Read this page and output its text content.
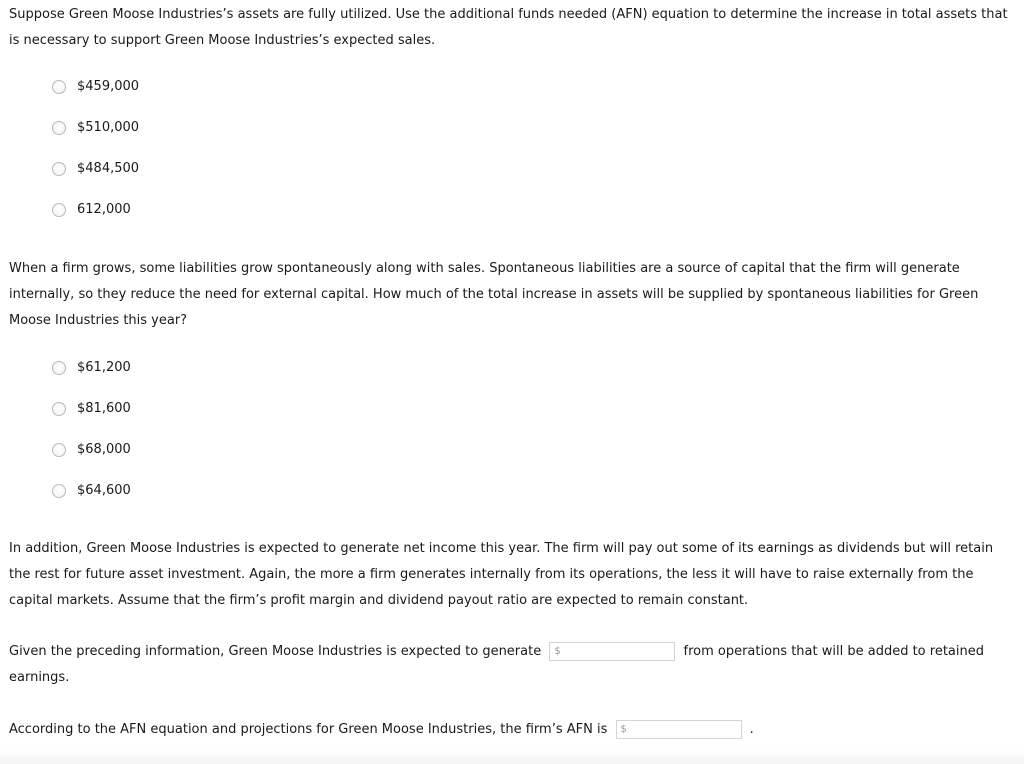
Suppose Green Moose Industries’s assets are fully utilized. Use the additional funds needed (AFN) equation to determine the increase in total assets that is necessary to support Green Moose Industries’s expected sales.

$459,000
$510,000
$484,500
612,000

When a firm grows, some liabilities grow spontaneously along with sales. Spontaneous liabilities are a source of capital that the firm will generate internally, so they reduce the need for external capital. How much of the total increase in assets will be supplied by spontaneous liabilities for Green Moose Industries this year?

$61,200
$81,600
$68,000
$64,600

In addition, Green Moose Industries is expected to generate net income this year. The firm will pay out some of its earnings as dividends but will retain the rest for future asset investment. Again, the more a firm generates internally from its operations, the less it will have to raise externally from the capital markets. Assume that the firm’s profit margin and dividend payout ratio are expected to remain constant.

Given the preceding information, Green Moose Industries is expected to generate $	from operations that will be added to retained earnings.

According to the AFN equation and projections for Green Moose Industries, the firm’s AFN is $	.
